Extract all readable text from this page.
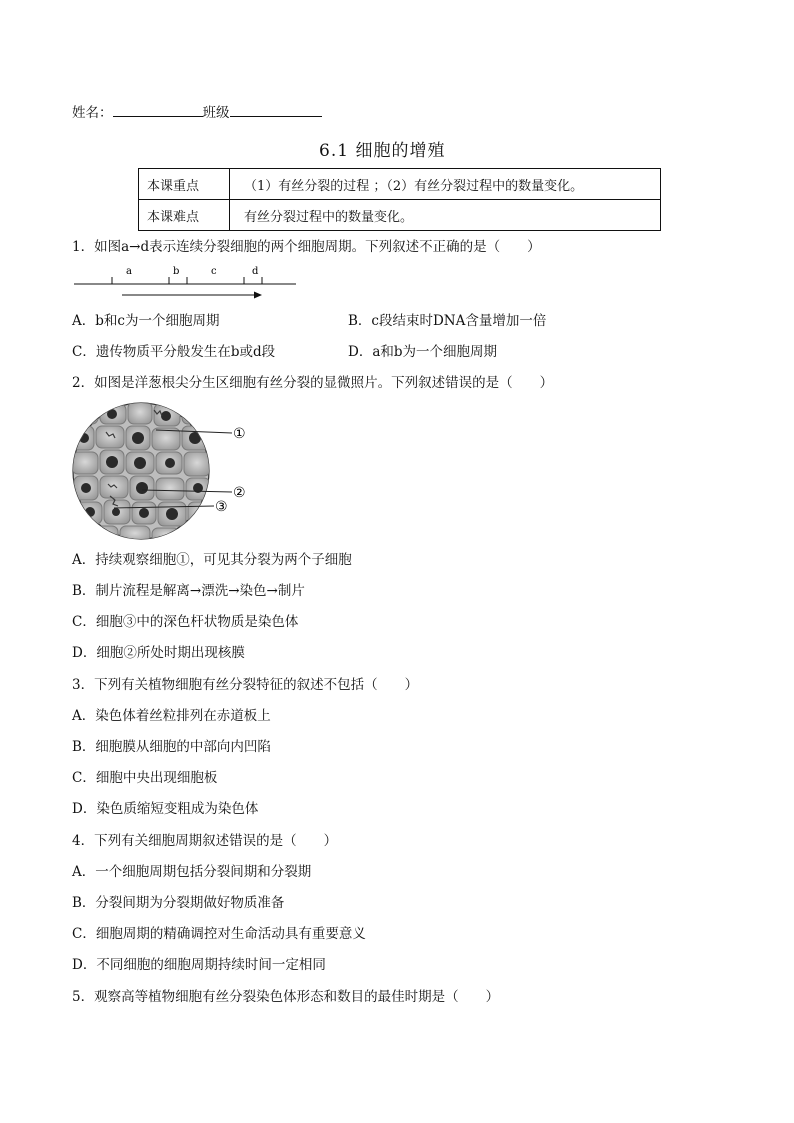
姓名：	班级
6.1 细胞的增殖
本课重点	（1）有丝分裂的过程 ；（2）有丝分裂过程中的数量变化。
本课难点	有丝分裂过程中的数量变化。
1．如图a→d表示连续分裂细胞的两个细胞周期。下列叙述不正确的是（　　）
a	b	c	d
A．b和c为一个细胞周期	B．c段结束时DNA含量增加一倍
C．遗传物质平分般发生在b或d段	D．a和b为一个细胞周期
2．如图是洋葱根尖分生区细胞有丝分裂的显微照片。下列叙述错误的是（　　）
①
②
③
A．持续观察细胞①，可见其分裂为两个子细胞
B．制片流程是解离→漂洗→染色→制片
C．细胞③中的深色杆状物质是染色体
D．细胞②所处时期出现核膜
3．下列有关植物细胞有丝分裂特征的叙述不包括（　　）
A．染色体着丝粒排列在赤道板上
B．细胞膜从细胞的中部向内凹陷
C．细胞中央出现细胞板
D．染色质缩短变粗成为染色体
4．下列有关细胞周期叙述错误的是（　　）
A．一个细胞周期包括分裂间期和分裂期
B．分裂间期为分裂期做好物质准备
C．细胞周期的精确调控对生命活动具有重要意义
D．不同细胞的细胞周期持续时间一定相同
5．观察高等植物细胞有丝分裂染色体形态和数目的最佳时期是（　　）
